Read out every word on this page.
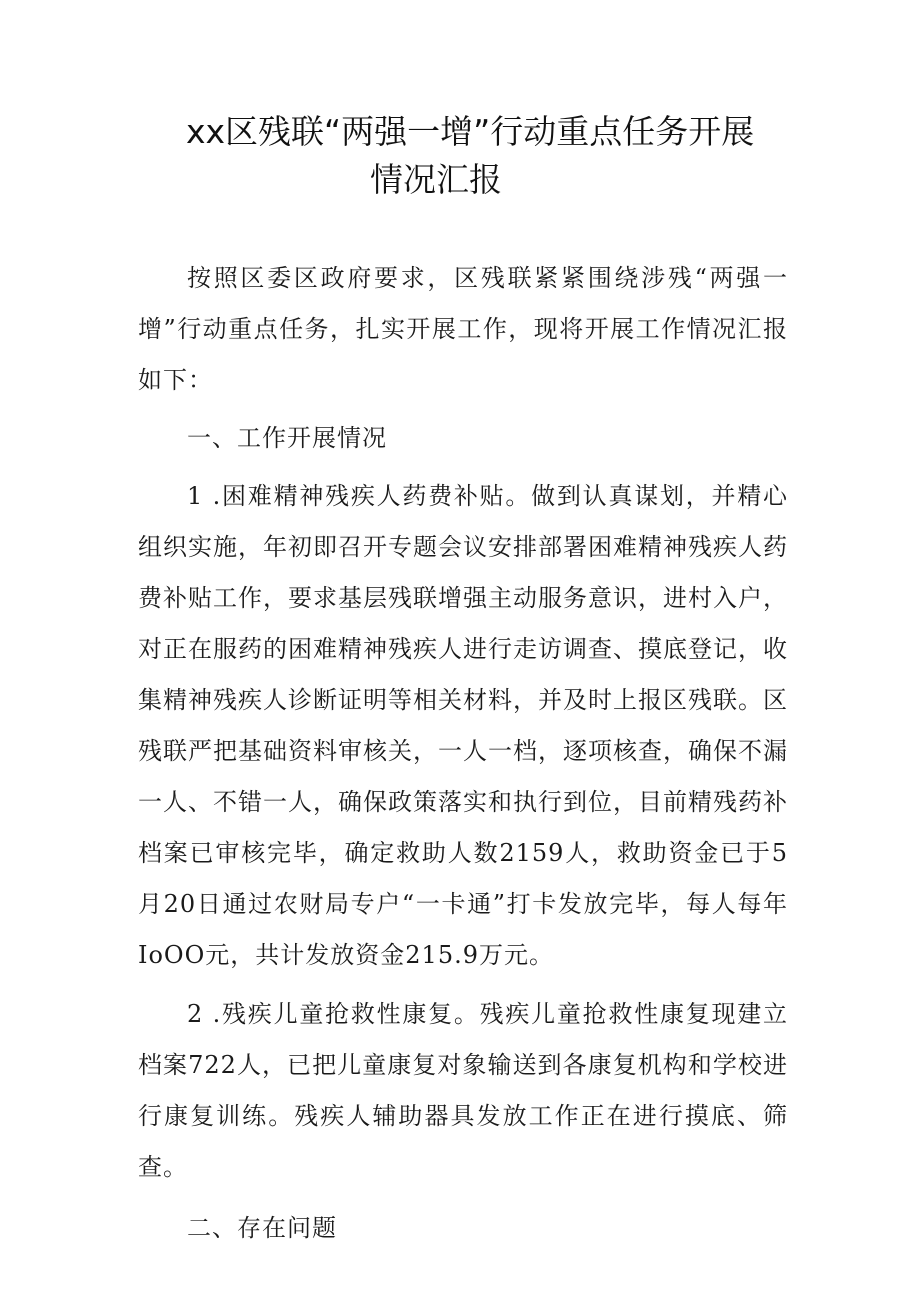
xx区残联“两强一增”行动重点任务开展
情况汇报

按照区委区政府要求，区残联紧紧围绕涉残“两强一增”行动重点任务，扎实开展工作，现将开展工作情况汇报如下：

一、工作开展情况

1 .困难精神残疾人药费补贴。做到认真谋划，并精心组织实施，年初即召开专题会议安排部署困难精神残疾人药费补贴工作，要求基层残联增强主动服务意识，进村入户，对正在服药的困难精神残疾人进行走访调查、摸底登记，收集精神残疾人诊断证明等相关材料，并及时上报区残联。区残联严把基础资料审核关，一人一档，逐项核查，确保不漏一人、不错一人，确保政策落实和执行到位，目前精残药补档案已审核完毕，确定救助人数2159人，救助资金已于5月20日通过农财局专户“一卡通”打卡发放完毕，每人每年IoOO元，共计发放资金215.9万元。

2 .残疾儿童抢救性康复。残疾儿童抢救性康复现建立档案722人，已把儿童康复对象输送到各康复机构和学校进行康复训练。残疾人辅助器具发放工作正在进行摸底、筛查。

二、存在问题
